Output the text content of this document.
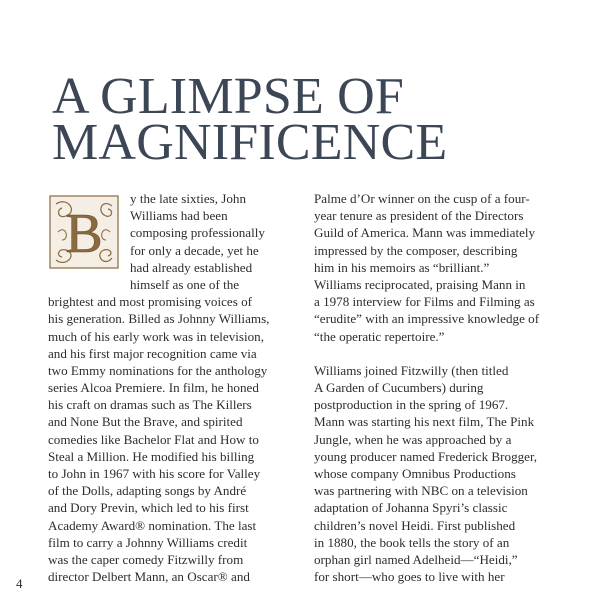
A GLIMPSE OF
MAGNIFICENCE
B
y the late sixties, John
Williams had been
composing professionally
for only a decade, yet he
had already established
himself as one of the
brightest and most promising voices of
his generation. Billed as Johnny Williams,
much of his early work was in television,
and his first major recognition came via
two Emmy nominations for the anthology
series Alcoa Premiere. In film, he honed
his craft on dramas such as The Killers
and None But the Brave, and spirited
comedies like Bachelor Flat and How to
Steal a Million. He modified his billing
to John in 1967 with his score for Valley
of the Dolls, adapting songs by André
and Dory Previn, which led to his first
Academy Award® nomination. The last
film to carry a Johnny Williams credit
was the caper comedy Fitzwilly from
director Delbert Mann, an Oscar® and
Palme d’Or winner on the cusp of a four-
year tenure as president of the Directors
Guild of America. Mann was immediately
impressed by the composer, describing
him in his memoirs as “brilliant.”
Williams reciprocated, praising Mann in
a 1978 interview for Films and Filming as
“erudite” with an impressive knowledge of
“the operatic repertoire.”
Williams joined Fitzwilly (then titled
A Garden of Cucumbers) during
postproduction in the spring of 1967.
Mann was starting his next film, The Pink
Jungle, when he was approached by a
young producer named Frederick Brogger,
whose company Omnibus Productions
was partnering with NBC on a television
adaptation of Johanna Spyri’s classic
children’s novel Heidi. First published
in 1880, the book tells the story of an
orphan girl named Adelheid—“Heidi,”
for short—who goes to live with her
4
